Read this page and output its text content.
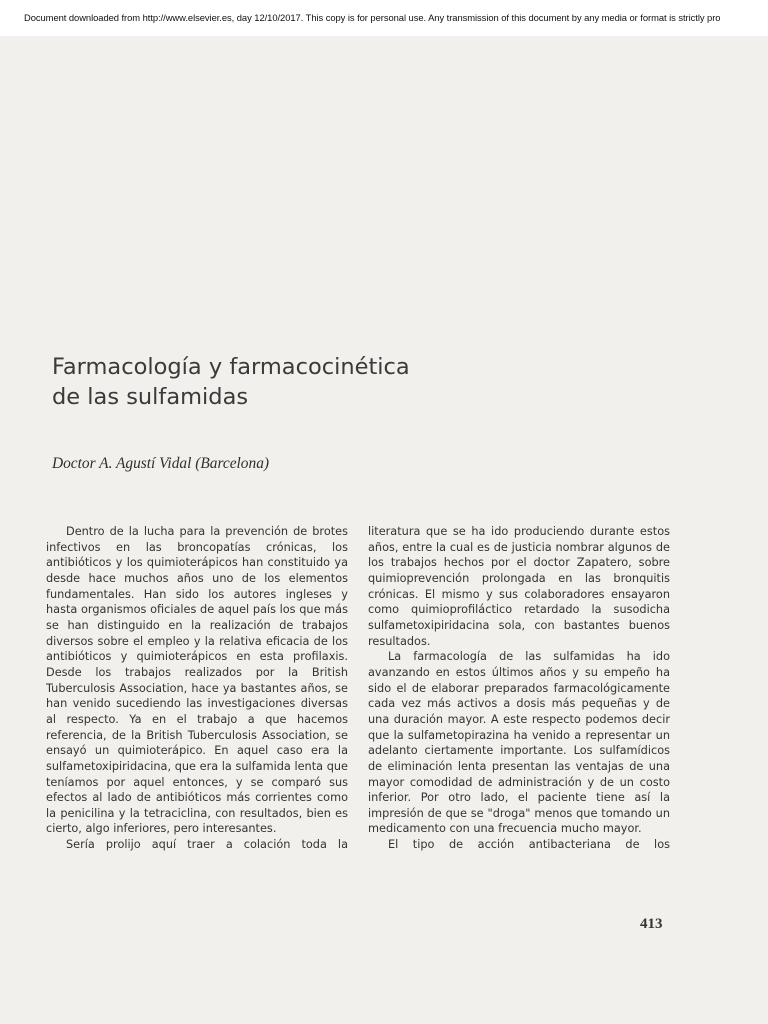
Document downloaded from http://www.elsevier.es, day 12/10/2017. This copy is for personal use. Any transmission of this document by any media or format is strictly pro
Farmacología y farmacocinética
de las sulfamidas
Doctor A. Agustí Vidal (Barcelona)

Dentro de la lucha para la prevención de brotes infectivos en las broncopatías crónicas, los antibióticos y los quimioterápicos han constituido ya desde hace muchos años uno de los elementos fundamentales. Han sido los autores ingleses y hasta organismos oficiales de aquel país los que más se han distinguido en la realización de trabajos diversos sobre el empleo y la relativa eficacia de los antibióticos y quimioterápicos en esta profilaxis. Desde los trabajos realizados por la British Tuberculosis Association, hace ya bastantes años, se han venido sucediendo las investigaciones diversas al respecto. Ya en el trabajo a que hacemos referencia, de la British Tuberculosis Association, se ensayó un quimioterápico. En aquel caso era la sulfametoxipiridacina, que era la sulfamida lenta que teníamos por aquel entonces, y se comparó sus efectos al lado de antibióticos más corrientes como la penicilina y la tetraciclina, con resultados, bien es cierto, algo inferiores, pero interesantes.

Sería prolijo aquí traer a colación toda la

literatura que se ha ido produciendo durante estos años, entre la cual es de justicia nombrar algunos de los trabajos hechos por el doctor Zapatero, sobre quimioprevención prolongada en las bronquitis crónicas. El mismo y sus colaboradores ensayaron como quimioprofiláctico retardado la susodicha sulfametoxipiridacina sola, con bastantes buenos resultados.

La farmacología de las sulfamidas ha ido avanzando en estos últimos años y su empeño ha sido el de elaborar preparados farmacológicamente cada vez más activos a dosis más pequeñas y de una duración mayor. A este respecto podemos decir que la sulfametopirazina ha venido a representar un adelanto ciertamente importante. Los sulfamídicos de eliminación lenta presentan las ventajas de una mayor comodidad de administración y de un costo inferior. Por otro lado, el paciente tiene así la impresión de que se "droga" menos que tomando un medicamento con una frecuencia mucho mayor.

El tipo de acción antibacteriana de los

413
